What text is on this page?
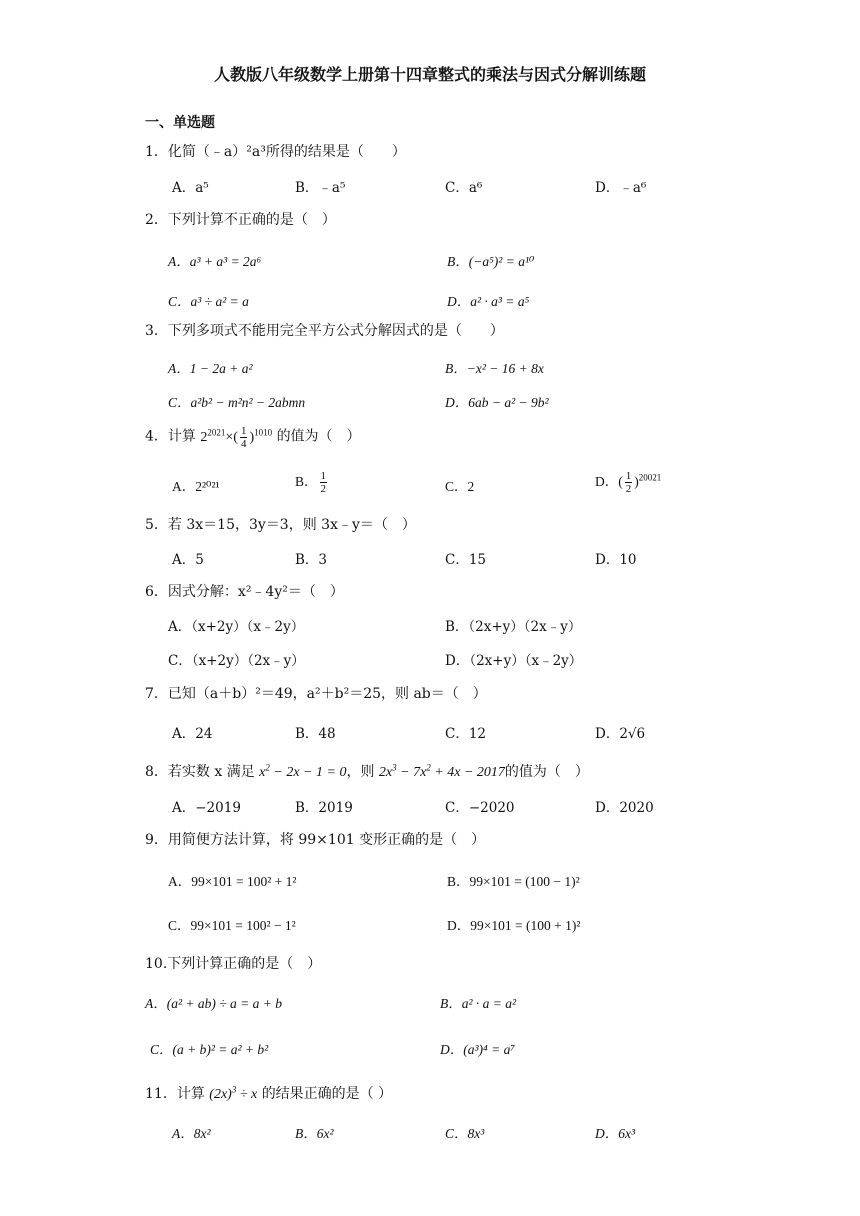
人教版八年级数学上册第十四章整式的乘法与因式分解训练题
一、单选题
1．化简（﹣a）²a³所得的结果是（　　）
A．a⁵	B．﹣a⁵	C．a⁶	D．﹣a⁶
2．下列计算不正确的是（　）
A．a³ + a³ = 2a⁶	B．(−a⁵)² = a¹⁰
C．a³ ÷ a² = a	D．a² · a³ = a⁵
3．下列多项式不能用完全平方公式分解因式的是（　　）
A．1 − 2a + a²	B．−x² − 16 + 8x
C．a²b² − m²n² − 2abmn	D．6ab − a² − 9b²
4．计算 $2^{2021}\times( \frac{1}{4} )^{1010}$ 的值为（　）
A．2²⁰²¹	B． $\frac{1}{2}$	C．2	D．( $\frac{1}{2} )^{20021}$
5．若 3x＝15，3y＝3，则 3x﹣y＝（　）
A．5	B．3	C．15	D．10
6．因式分解：x²﹣4y²＝（　）
A．（x+2y）（x﹣2y）	B．（2x+y）（2x﹣y）
C．（x+2y）（2x﹣y）	D．（2x+y）（x﹣2y）
7．已知（a＋b）²＝49，a²＋b²＝25，则 ab＝（　）
A．24	B．48	C．12	D．2√6
8．若实数 x 满足 $x^2 - 2x - 1 = 0$，则 $2x^3 - 7x^2 + 4x - 2017$的值为（　）
A．−2019	B．2019	C．−2020	D．2020
9．用简便方法计算，将 99×101 变形正确的是（　）
A．99×101 = 100² + 1²	B．99×101 = (100 − 1)²
C．99×101 = 100² − 1²	D．99×101 = (100 + 1)²
10.下列计算正确的是（　）
A．(a² + ab) ÷ a = a + b	B．a² · a = a²
C．(a + b)² = a² + b²	D．(a³)⁴ = a⁷
11．计算 $(2x)^3 \div x$ 的结果正确的是（ ）
A．8x²	B．6x²	C．8x³	D．6x³
